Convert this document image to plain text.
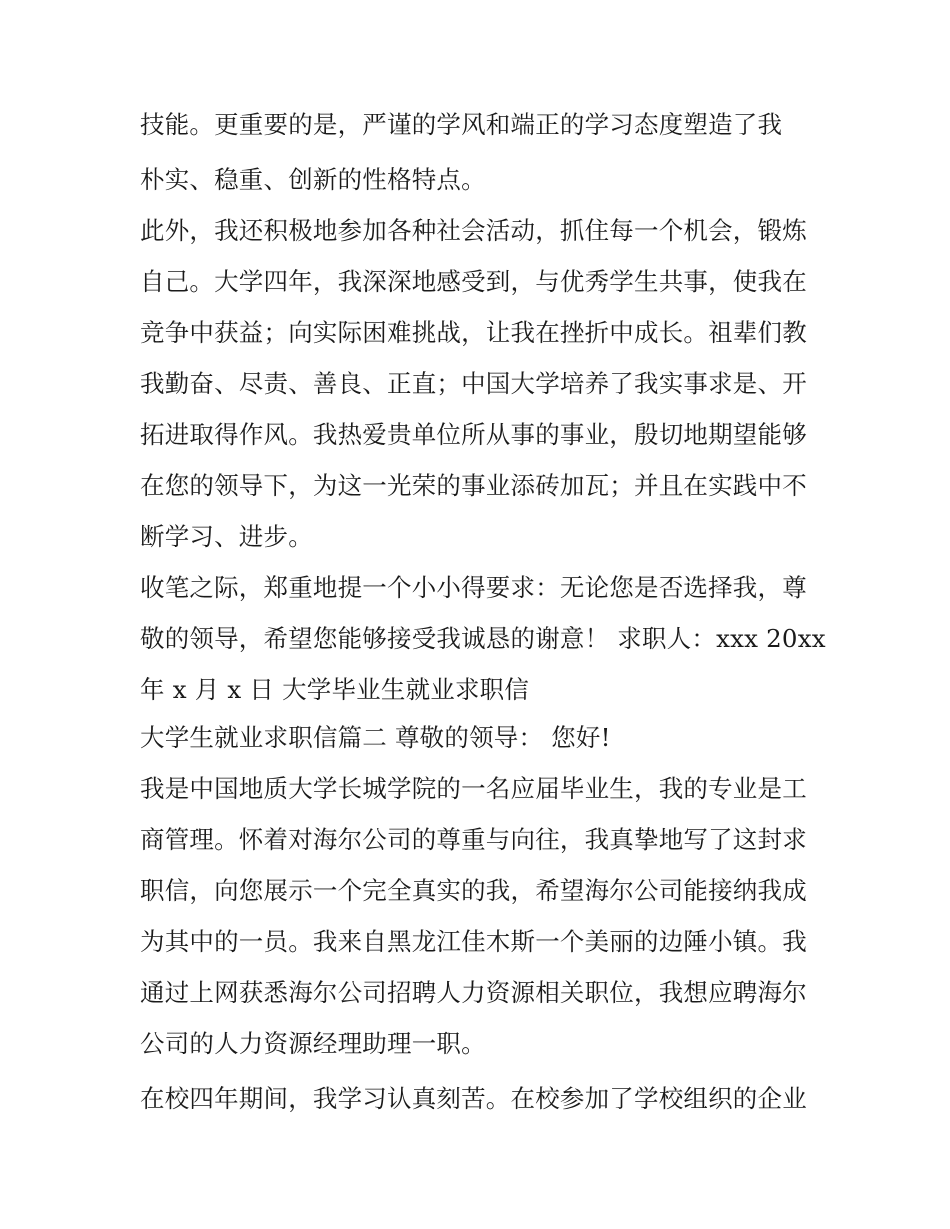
技能。更重要的是，严谨的学风和端正的学习态度塑造了我
朴实、稳重、创新的性格特点。
此外，我还积极地参加各种社会活动，抓住每一个机会，锻炼
自己。大学四年，我深深地感受到，与优秀学生共事，使我在
竞争中获益；向实际困难挑战，让我在挫折中成长。祖辈们教
我勤奋、尽责、善良、正直；中国大学培养了我实事求是、开
拓进取得作风。我热爱贵单位所从事的事业，殷切地期望能够
在您的领导下，为这一光荣的事业添砖加瓦；并且在实践中不
断学习、进步。
收笔之际，郑重地提一个小小得要求：无论您是否选择我，尊
敬的领导，希望您能够接受我诚恳的谢意！ 求职人：xxx 20xx
年 x 月 x 日 大学毕业生就业求职信
大学生就业求职信篇二 尊敬的领导： 您好!
我是中国地质大学长城学院的一名应届毕业生，我的专业是工
商管理。怀着对海尔公司的尊重与向往，我真挚地写了这封求
职信，向您展示一个完全真实的我，希望海尔公司能接纳我成
为其中的一员。我来自黑龙江佳木斯一个美丽的边陲小镇。我
通过上网获悉海尔公司招聘人力资源相关职位，我想应聘海尔
公司的人力资源经理助理一职。
在校四年期间，我学习认真刻苦。在校参加了学校组织的企业
